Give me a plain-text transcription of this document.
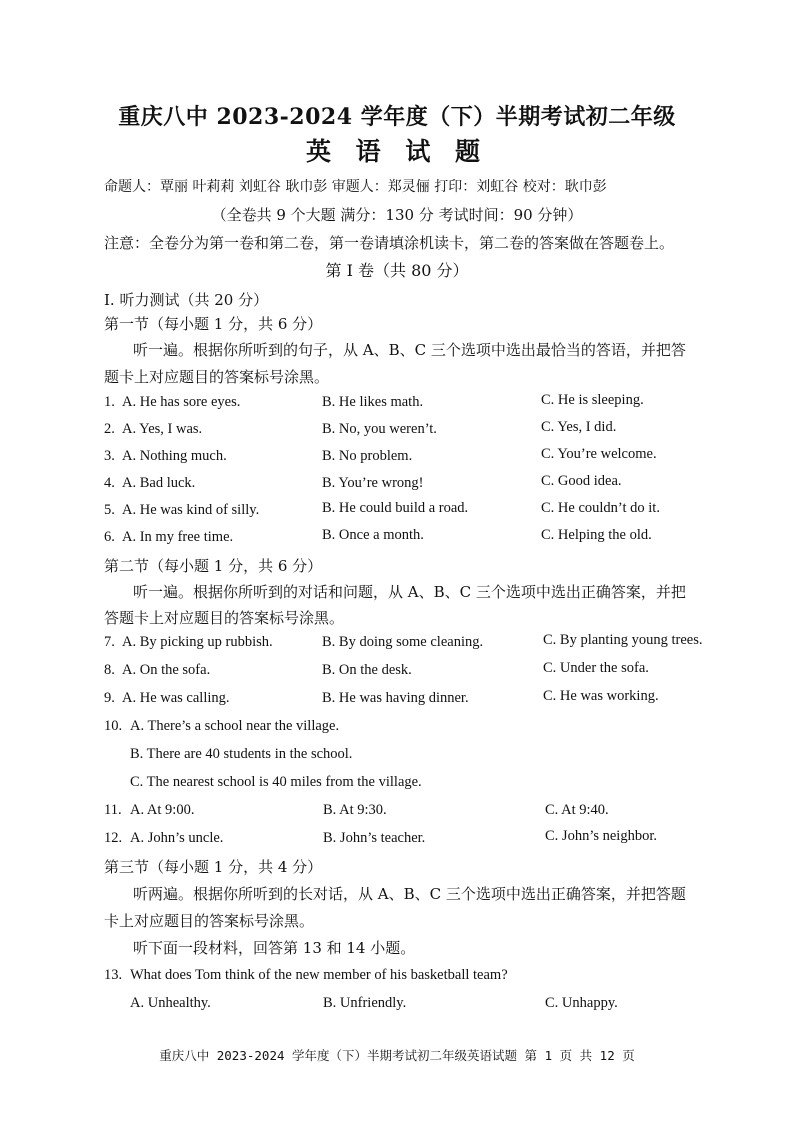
重庆八中 2023-2024 学年度（下）半期考试初二年级
英 语 试 题
命题人：覃丽 叶莉莉 刘虹谷 耿巾彭 审题人：郑灵俪 打印：刘虹谷 校对：耿巾彭
（全卷共 9 个大题 满分：130 分 考试时间：90 分钟）
注意：全卷分为第一卷和第二卷，第一卷请填涂机读卡，第二卷的答案做在答题卷上。
第 I 卷（共 80 分）
I. 听力测试（共 20 分）
第一节（每小题 1 分，共 6 分）
听一遍。根据你所听到的句子，从 A、B、C 三个选项中选出最恰当的答语，并把答
题卡上对应题目的答案标号涂黑。
1. A. He has sore eyes.	B. He likes math.	C. He is sleeping.
2. A. Yes, I was.	B. No, you weren’t.	C. Yes, I did.
3. A. Nothing much.	B. No problem.	C. You’re welcome.
4. A. Bad luck.	B. You’re wrong!	C. Good idea.
5. A. He was kind of silly.	B. He could build a road.	C. He couldn’t do it.
6. A. In my free time.	B. Once a month.	C. Helping the old.
第二节（每小题 1 分，共 6 分）
听一遍。根据你所听到的对话和问题，从 A、B、C 三个选项中选出正确答案，并把
答题卡上对应题目的答案标号涂黑。
7. A. By picking up rubbish.	B. By doing some cleaning.	C. By planting young trees.
8. A. On the sofa.	B. On the desk.	C. Under the sofa.
9. A. He was calling.	B. He was having dinner.	C. He was working.
10. A. There’s a school near the village.
B. There are 40 students in the school.
C. The nearest school is 40 miles from the village.
11. A. At 9:00.	B. At 9:30.	C. At 9:40.
12. A. John’s uncle.	B. John’s teacher.	C. John’s neighbor.
第三节（每小题 1 分，共 4 分）
听两遍。根据你所听到的长对话，从 A、B、C 三个选项中选出正确答案，并把答题
卡上对应题目的答案标号涂黑。
听下面一段材料，回答第 13 和 14 小题。
13. What does Tom think of the new member of his basketball team?
A. Unhealthy.	B. Unfriendly.	C. Unhappy.
重庆八中 2023-2024 学年度（下）半期考试初二年级英语试题 第 1 页 共 12 页
